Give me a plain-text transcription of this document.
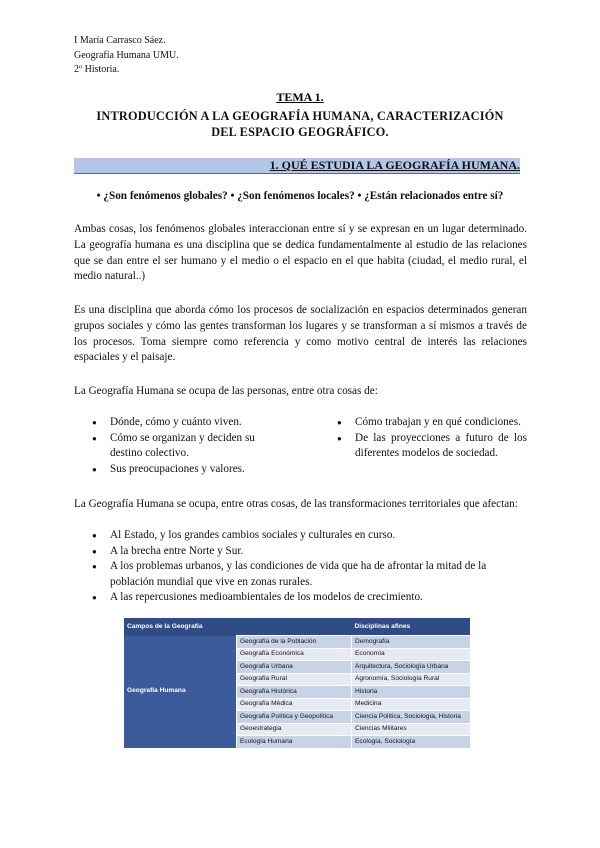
I María Carrasco Sáez.
Geografía Humana UMU.
2º Historia.
TEMA 1.
INTRODUCCIÓN A LA GEOGRAFÍA HUMANA, CARACTERIZACIÓN
DEL ESPACIO GEOGRÁFICO.
1. QUÉ ESTUDIA LA GEOGRAFÍA HUMANA.
• ¿Son fenómenos globales? • ¿Son fenómenos locales? • ¿Están relacionados entre sí?
Ambas cosas, los fenómenos globales interaccionan entre sí y se expresan en un lugar determinado. La geografía humana es una disciplina que se dedica fundamentalmente al estudio de las relaciones que se dan entre el ser humano y el medio o el espacio en el que habita (ciudad, el medio rural, el medio natural..)
Es una disciplina que aborda cómo los procesos de socialización en espacios determinados generan grupos sociales y cómo las gentes transforman los lugares y se transforman a sí mismos a través de los procesos. Toma siempre como referencia y como motivo central de interés las relaciones espaciales y el paisaje.
La Geografía Humana se ocupa de las personas, entre otra cosas de:
● Dónde, cómo y cuánto viven.
● Cómo se organizan y deciden su destino colectivo.
● Sus preocupaciones y valores.
● Cómo trabajan y en qué condiciones.
● De las proyecciones a futuro de los diferentes modelos de sociedad.
La Geografía Humana se ocupa, entre otras cosas, de las transformaciones territoriales que afectan:
● Al Estado, y los grandes cambios sociales y culturales en curso.
● A la brecha entre Norte y Sur.
● A los problemas urbanos, y las condiciones de vida que ha de afrontar la mitad de la población mundial que vive en zonas rurales.
● A las repercusiones medioambientales de los modelos de crecimiento.
Campos de la Geografía		Disciplinas afines
Geografía Humana	Geografía de la Población	Demografía
	Geografía Económica	Economía
	Geografía Urbana	Arquitectura, Sociología Urbana
	Geografía Rural	Agronomía, Sociología Rural
	Geografía Histórica	Historia
	Geografía Médica	Medicina
	Geografía Política y Geopolítica	Ciencia Política, Sociología, Historia
	Geoestrategia	Ciencias Militares
	Ecología Humana	Ecología, Sociología
